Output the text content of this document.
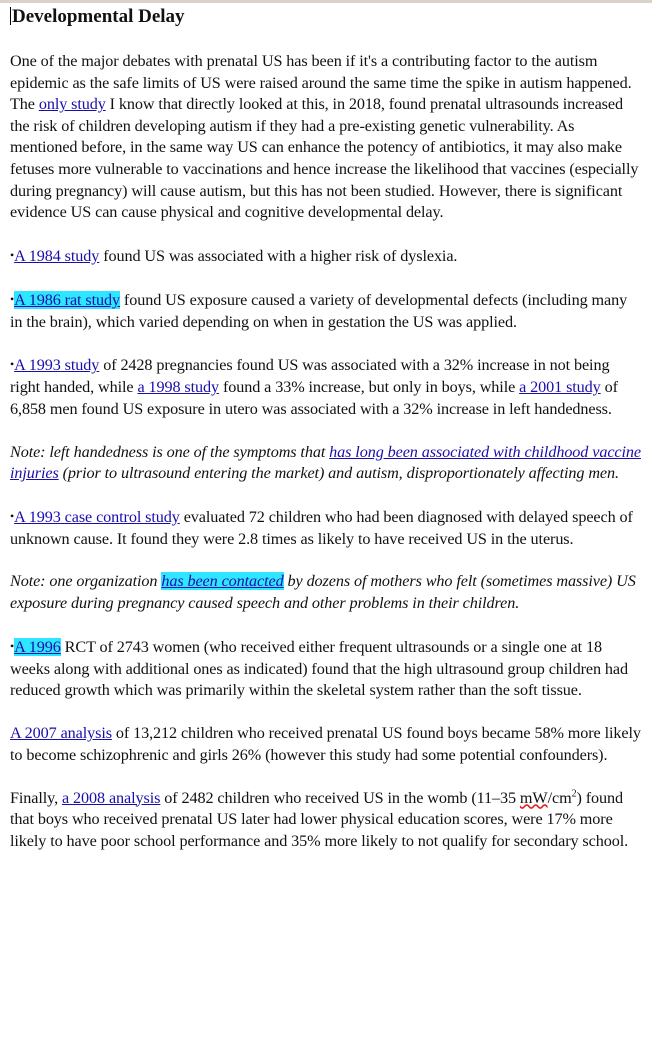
Developmental Delay

One of the major debates with prenatal US has been if it's a contributing factor to the autism epidemic as the safe limits of US were raised around the same time the spike in autism happened. The only study I know that directly looked at this, in 2018, found prenatal ultrasounds increased the risk of children developing autism if they had a pre-existing genetic vulnerability. As mentioned before, in the same way US can enhance the potency of antibiotics, it may also make fetuses more vulnerable to vaccinations and hence increase the likelihood that vaccines (especially during pregnancy) will cause autism, but this has not been studied. However, there is significant evidence US can cause physical and cognitive developmental delay.

•A 1984 study found US was associated with a higher risk of dyslexia.

•A 1986 rat study found US exposure caused a variety of developmental defects (including many in the brain), which varied depending on when in gestation the US was applied.

•A 1993 study of 2428 pregnancies found US was associated with a 32% increase in not being right handed, while a 1998 study found a 33% increase, but only in boys, while a 2001 study of 6,858 men found US exposure in utero was associated with a 32% increase in left handedness.

Note: left handedness is one of the symptoms that has long been associated with childhood vaccine injuries (prior to ultrasound entering the market) and autism, disproportionately affecting men.

•A 1993 case control study evaluated 72 children who had been diagnosed with delayed speech of unknown cause. It found they were 2.8 times as likely to have received US in the uterus.

Note: one organization has been contacted by dozens of mothers who felt (sometimes massive) US exposure during pregnancy caused speech and other problems in their children.

•A 1996 RCT of 2743 women (who received either frequent ultrasounds or a single one at 18 weeks along with additional ones as indicated) found that the high ultrasound group children had reduced growth which was primarily within the skeletal system rather than the soft tissue.

A 2007 analysis of 13,212 children who received prenatal US found boys became 58% more likely to become schizophrenic and girls 26% (however this study had some potential confounders).

Finally, a 2008 analysis of 2482 children who received US in the womb (11–35 $mW/cm^2$) found that boys who received prenatal US later had lower physical education scores, were 17% more likely to have poor school performance and 35% more likely to not qualify for secondary school.
